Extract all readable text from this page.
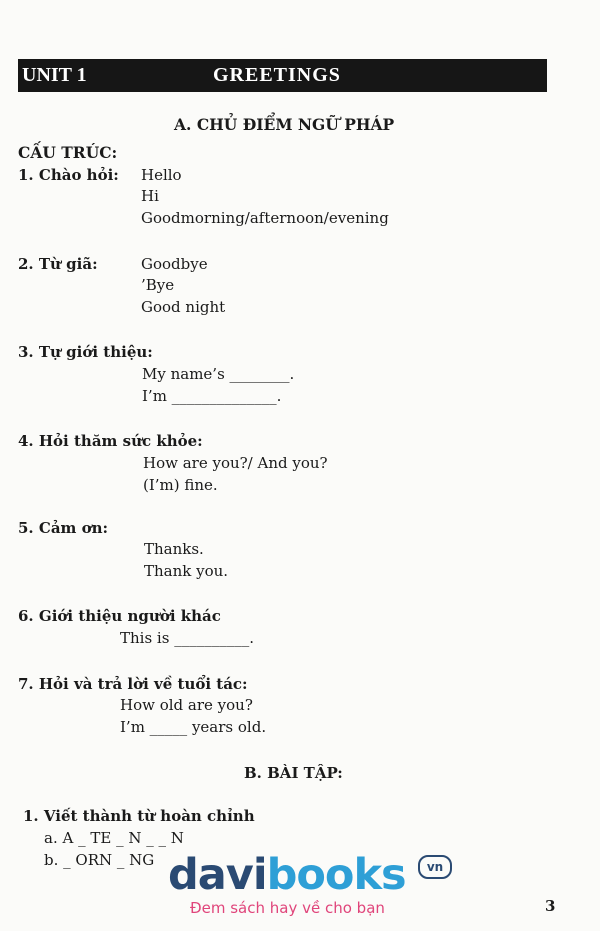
UNIT 1	GREETINGS
A. CHỦ ĐIỂM NGỮ PHÁP
CẤU TRÚC:
1. Chào hỏi: Hello
Hi
Goodmorning/afternoon/evening
2. Từ giã:	Goodbye
’Bye
Good night
3. Tự giới thiệu:
My name’s ________.
I’m ______________.
4. Hỏi thăm sức khỏe:
How are you?/ And you?
(I’m) fine.
5. Cảm ơn:
Thanks.
Thank you.
6. Giới thiệu người khác
This is __________.
7. Hỏi và trả lời về tuổi tác:
How old are you?
I’m _____ years old.
B. BÀI TẬP:
1. Viết thành từ hoàn chỉnh
a. A _ TE _ N _ _ N
b. _ ORN _ NG davibooks	vn
Đem sách hay về cho bạn	3
